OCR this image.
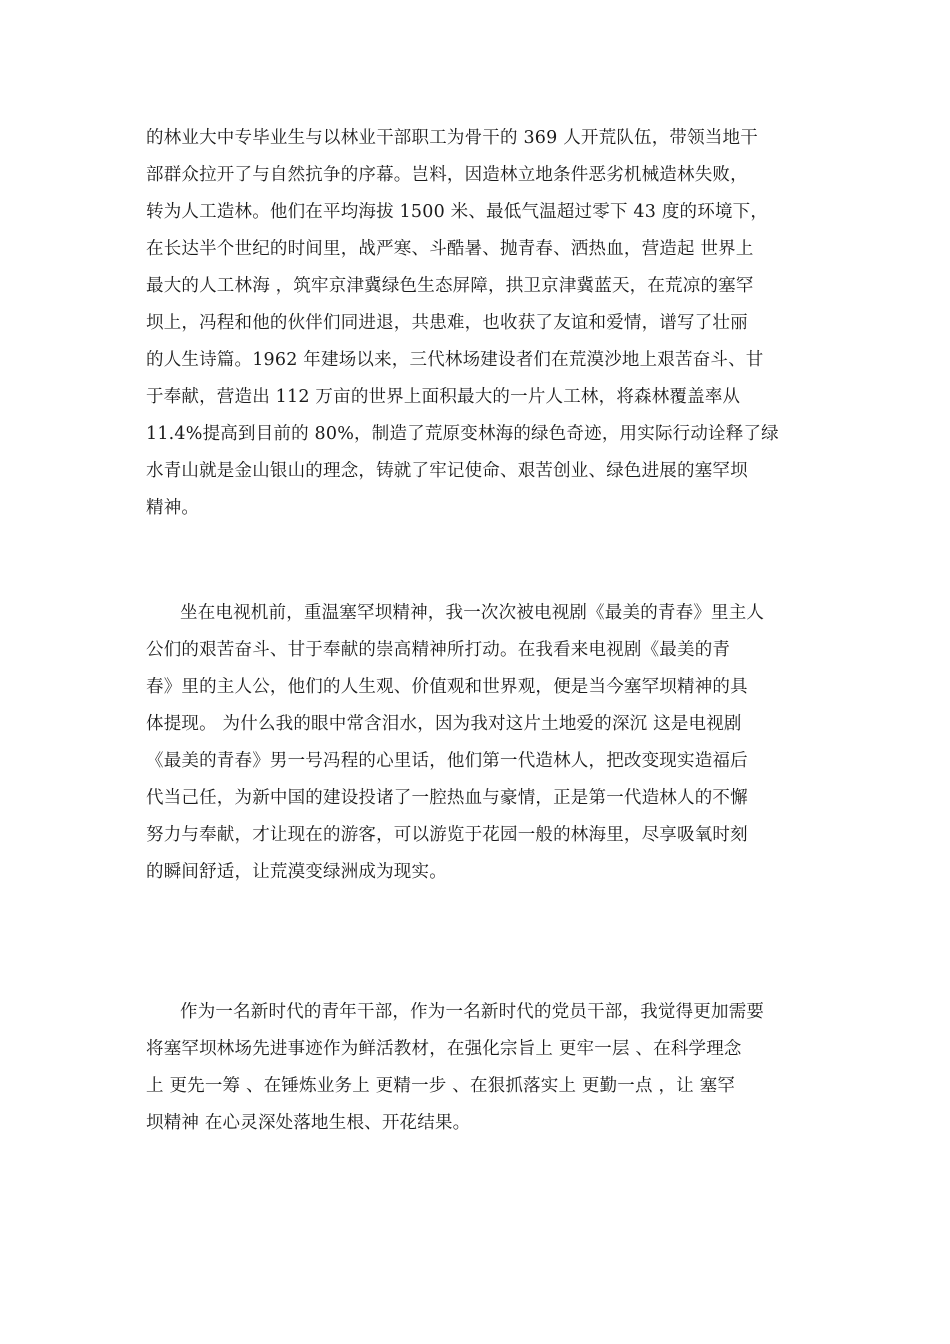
的林业大中专毕业生与以林业干部职工为骨干的 369 人开荒队伍，带领当地干
部群众拉开了与自然抗争的序幕。岂料，因造林立地条件恶劣机械造林失败，
转为人工造林。他们在平均海拔 1500 米、最低气温超过零下 43 度的环境下，
在长达半个世纪的时间里，战严寒、斗酷暑、抛青春、洒热血，营造起 世界上
最大的人工林海 ，筑牢京津冀绿色生态屏障，拱卫京津冀蓝天，在荒凉的塞罕
坝上，冯程和他的伙伴们同进退，共患难，也收获了友谊和爱情，谱写了壮丽
的人生诗篇。1962 年建场以来，三代林场建设者们在荒漠沙地上艰苦奋斗、甘
于奉献，营造出 112 万亩的世界上面积最大的一片人工林，将森林覆盖率从
11.4%提高到目前的 80%，制造了荒原变林海的绿色奇迹，用实际行动诠释了绿
水青山就是金山银山的理念，铸就了牢记使命、艰苦创业、绿色进展的塞罕坝
精神。

坐在电视机前，重温塞罕坝精神，我一次次被电视剧《最美的青春》里主人
公们的艰苦奋斗、甘于奉献的崇高精神所打动。在我看来电视剧《最美的青
春》里的主人公，他们的人生观、价值观和世界观，便是当今塞罕坝精神的具
体提现。 为什么我的眼中常含泪水，因为我对这片土地爱的深沉 这是电视剧
《最美的青春》男一号冯程的心里话，他们第一代造林人，把改变现实造福后
代当己任，为新中国的建设投诸了一腔热血与豪情，正是第一代造林人的不懈
努力与奉献，才让现在的游客，可以游览于花园一般的林海里，尽享吸氧时刻
的瞬间舒适，让荒漠变绿洲成为现实。

作为一名新时代的青年干部，作为一名新时代的党员干部，我觉得更加需要
将塞罕坝林场先进事迹作为鲜活教材，在强化宗旨上 更牢一层 、在科学理念
上 更先一筹 、在锤炼业务上 更精一步 、在狠抓落实上 更勤一点 ，让 塞罕
坝精神 在心灵深处落地生根、开花结果。
